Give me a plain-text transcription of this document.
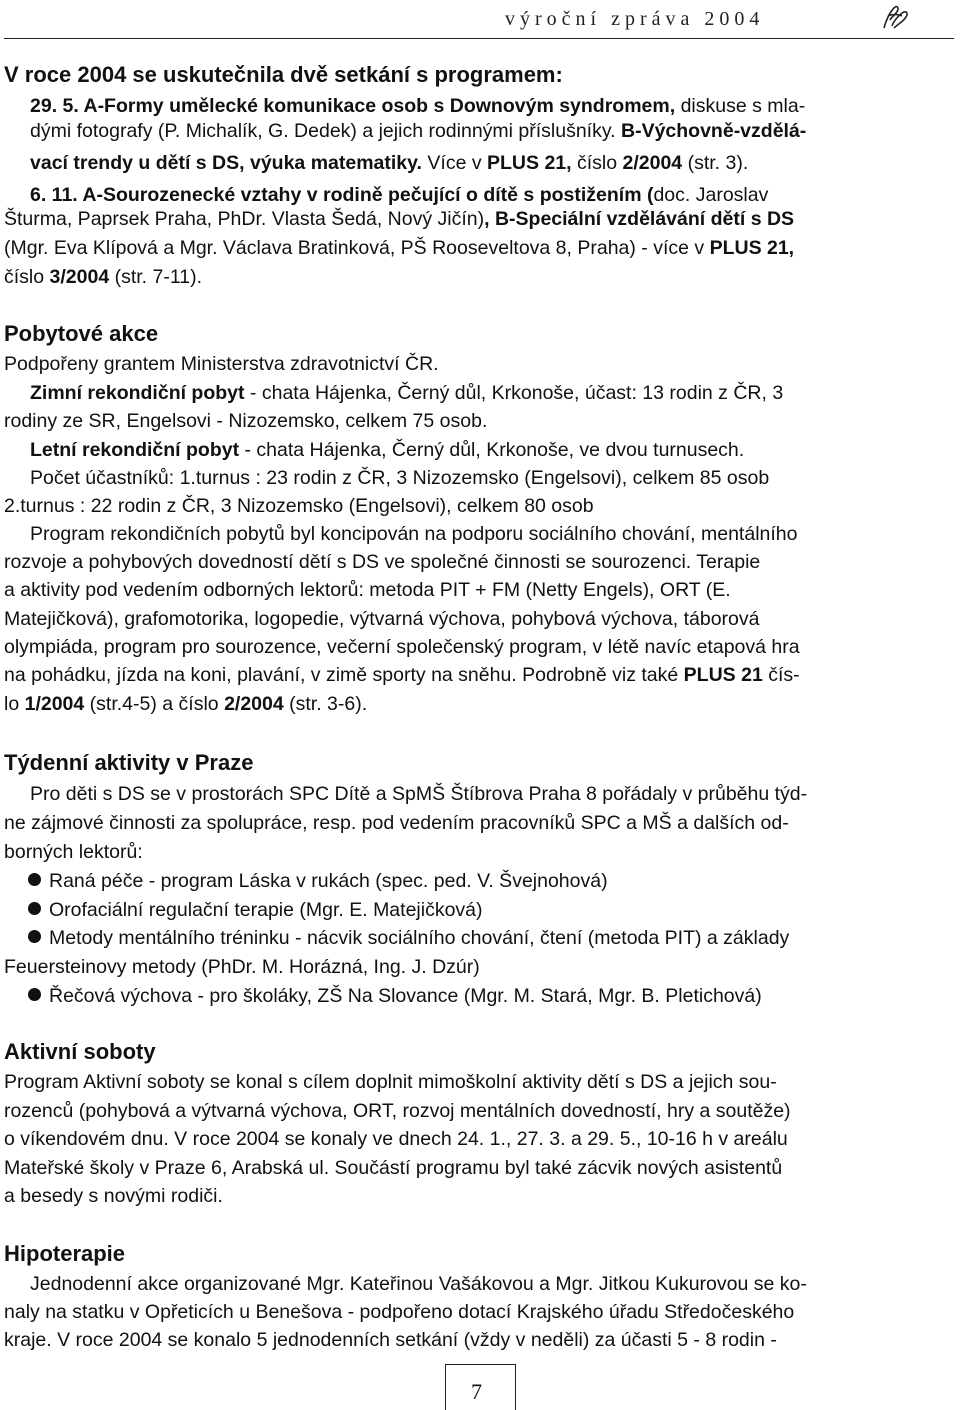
výroční zpráva 2004
V roce 2004 se uskutečnila dvě setkání s programem:
29. 5. A-Formy umělecké komunikace osob s Downovým syndromem, diskuse s mla-
dými fotografy (P. Michalík, G. Dedek) a jejich rodinnými příslušníky. B-Výchovně-vzdělá-
vací trendy u dětí s DS, výuka matematiky. Více v PLUS 21, číslo 2/2004 (str. 3).
6. 11. A-Sourozenecké vztahy v rodině pečující o dítě s postižením (doc. Jaroslav
Šturma, Paprsek Praha, PhDr. Vlasta Šedá, Nový Jičín), B-Speciální vzdělávání dětí s DS
(Mgr. Eva Klípová a Mgr. Václava Bratinková, PŠ Rooseveltova 8, Praha) - více v PLUS 21,
číslo 3/2004 (str. 7-11).
Pobytové akce
Podpořeny grantem Ministerstva zdravotnictví ČR.
Zimní rekondiční pobyt - chata Hájenka, Černý důl, Krkonoše, účast: 13 rodin z ČR, 3
rodiny ze SR, Engelsovi - Nizozemsko, celkem 75 osob.
Letní rekondiční pobyt - chata Hájenka, Černý důl, Krkonoše, ve dvou turnusech.
Počet účastníků: 1.turnus : 23 rodin z ČR, 3 Nizozemsko (Engelsovi), celkem 85 osob
2.turnus : 22 rodin z ČR, 3 Nizozemsko (Engelsovi), celkem 80 osob
Program rekondičních pobytů byl koncipován na podporu sociálního chování, mentálního
rozvoje a pohybových dovedností dětí s DS ve společné činnosti se sourozenci. Terapie
a aktivity pod vedením odborných lektorů: metoda PIT + FM (Netty Engels), ORT (E.
Matejičková), grafomotorika, logopedie, výtvarná výchova, pohybová výchova, táborová
olympiáda, program pro sourozence, večerní společenský program, v létě navíc etapová hra
na pohádku, jízda na koni, plavání, v zimě sporty na sněhu. Podrobně viz také PLUS 21 čís-
lo 1/2004 (str.4-5) a číslo 2/2004 (str. 3-6).
Týdenní aktivity v Praze
Pro děti s DS se v prostorách SPC Dítě a SpMŠ Štíbrova Praha 8 pořádaly v průběhu týd-
ne zájmové činnosti za spolupráce, resp. pod vedením pracovníků SPC a MŠ a dalších od-
borných lektorů:
Raná péče - program Láska v rukách (spec. ped. V. Švejnohová)
Orofaciální regulační terapie (Mgr. E. Matejičková)
Metody mentálního tréninku - nácvik sociálního chování, čtení (metoda PIT) a základy
Feuersteinovy metody (PhDr. M. Horázná, Ing. J. Dzúr)
Řečová výchova - pro školáky, ZŠ Na Slovance (Mgr. M. Stará, Mgr. B. Pletichová)
Aktivní soboty
Program Aktivní soboty se konal s cílem doplnit mimoškolní aktivity dětí s DS a jejich sou-
rozenců (pohybová a výtvarná výchova, ORT, rozvoj mentálních dovedností, hry a soutěže)
o víkendovém dnu. V roce 2004 se konaly ve dnech 24. 1., 27. 3. a 29. 5., 10-16 h v areálu
Mateřské školy v Praze 6, Arabská ul. Součástí programu byl také zácvik nových asistentů
a besedy s novými rodiči.
Hipoterapie
Jednodenní akce organizované Mgr. Kateřinou Vašákovou a Mgr. Jitkou Kukurovou se ko-
naly na statku v Opřeticích u Benešova - podpořeno dotací Krajského úřadu Středočeského
kraje. V roce 2004 se konalo 5 jednodenních setkání (vždy v neděli) za účasti 5 - 8 rodin -
7
